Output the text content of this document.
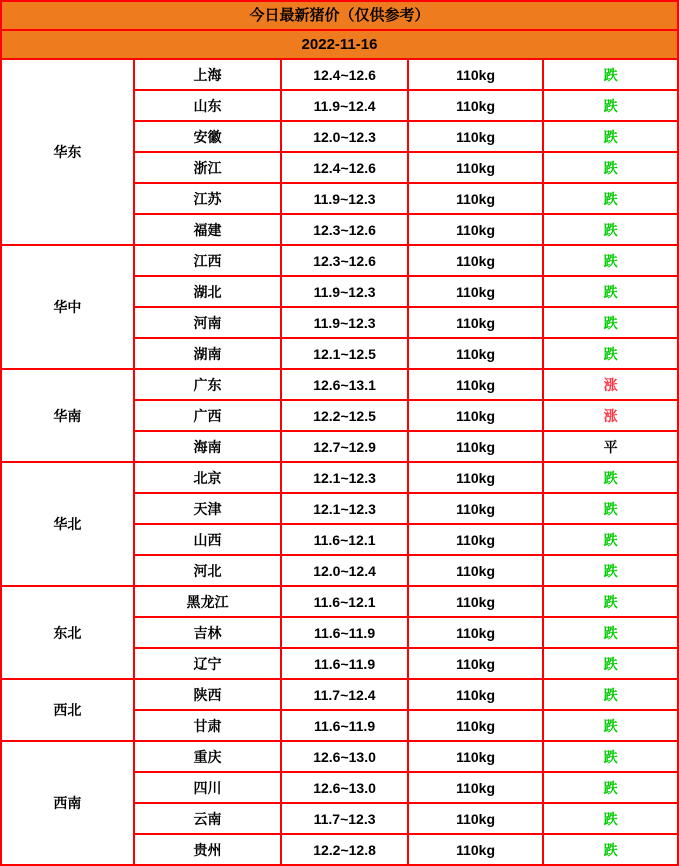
今日最新猪价（仅供参考）				
2022-11-16				
华东	上海	12.4~12.6	110kg	跌
	山东	11.9~12.4	110kg	跌
	安徽	12.0~12.3	110kg	跌
	浙江	12.4~12.6	110kg	跌
	江苏	11.9~12.3	110kg	跌
	福建	12.3~12.6	110kg	跌
华中	江西	12.3~12.6	110kg	跌
	湖北	11.9~12.3	110kg	跌
	河南	11.9~12.3	110kg	跌
	湖南	12.1~12.5	110kg	跌
华南	广东	12.6~13.1	110kg	涨
	广西	12.2~12.5	110kg	涨
	海南	12.7~12.9	110kg	平
华北	北京	12.1~12.3	110kg	跌
	天津	12.1~12.3	110kg	跌
	山西	11.6~12.1	110kg	跌
	河北	12.0~12.4	110kg	跌
东北	黑龙江	11.6~12.1	110kg	跌
	吉林	11.6~11.9	110kg	跌
	辽宁	11.6~11.9	110kg	跌
西北	陕西	11.7~12.4	110kg	跌
	甘肃	11.6~11.9	110kg	跌
西南	重庆	12.6~13.0	110kg	跌
	四川	12.6~13.0	110kg	跌
	云南	11.7~12.3	110kg	跌
	贵州	12.2~12.8	110kg	跌
